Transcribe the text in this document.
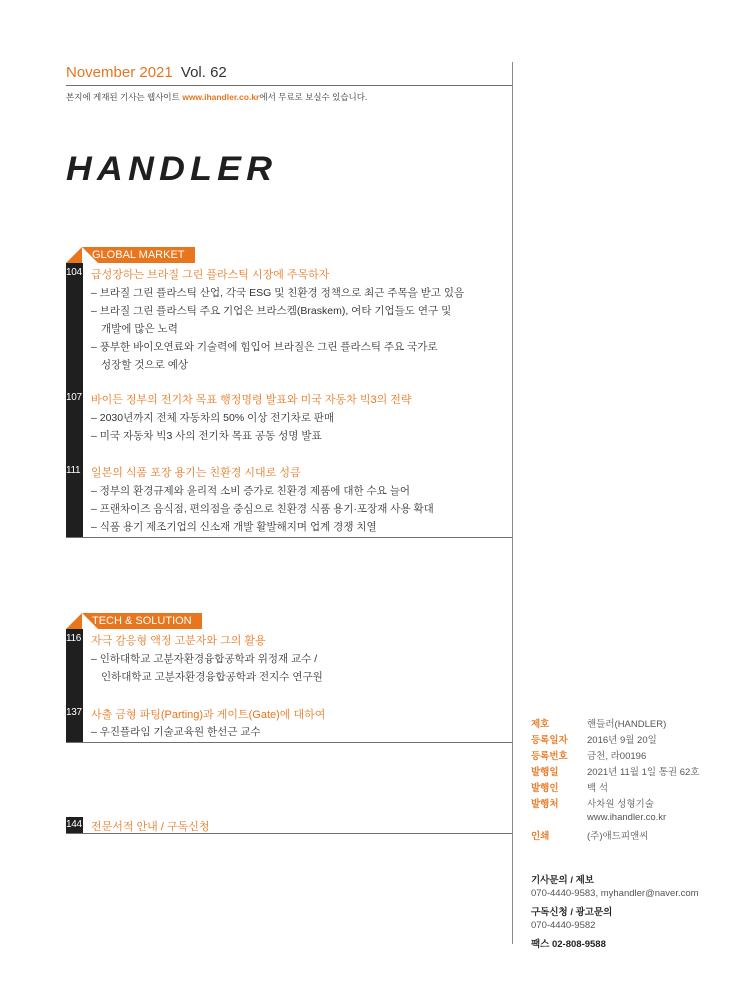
November 2021 Vol. 62
본지에 게재된 기사는 웹사이트 www.ihandler.co.kr에서 무료로 보실수 있습니다.
HANDLER
GLOBAL MARKET
104 급성장하는 브라질 그린 플라스틱 시장에 주목하자
– 브라질 그린 플라스틱 산업, 각국 ESG 및 친환경 정책으로 최근 주목을 받고 있음
– 브라질 그린 플라스틱 주요 기업은 브라스켐(Braskem), 여타 기업들도 연구 및
개발에 많은 노력
– 풍부한 바이오연료와 기술력에 힘입어 브라질은 그린 플라스틱 주요 국가로
성장할 것으로 예상
107 바이든 정부의 전기차 목표 행정명령 발표와 미국 자동차 빅3의 전략
– 2030년까지 전체 자동차의 50% 이상 전기차로 판매
– 미국 자동차 빅3 사의 전기차 목표 공동 성명 발표
111 일본의 식품 포장 용기는 친환경 시대로 성큼
– 정부의 환경규제와 윤리적 소비 증가로 친환경 제품에 대한 수요 늘어
– 프랜차이즈 음식점, 편의점을 중심으로 친환경 식품 용기·포장재 사용 확대
– 식품 용기 제조기업의 신소재 개발 활발해지며 업계 경쟁 치열
TECH & SOLUTION
116 자극 감응형 액정 고분자와 그의 활용
– 인하대학교 고분자환경융합공학과 위정재 교수 /
인하대학교 고분자환경융합공학과 전지수 연구원
137 사출 금형 파팅(Parting)과 게이트(Gate)에 대하여
– 우진플라임 기술교육원 한선근 교수
144 전문서적 안내 / 구독신청
제호	핸들러(HANDLER)
등록일자 2016년 9월 20일
등록번호 금천, 라00196
발행일	2021년 11월 1일 통권 62호
발행인	백 석
발행처	사차원 성형기술
www.ihandler.co.kr
인쇄	(주)애드피앤씨
기사문의 / 제보
070-4440-9583, myhandler@naver.com
구독신청 / 광고문의
070-4440-9582
팩스 02-808-9588
